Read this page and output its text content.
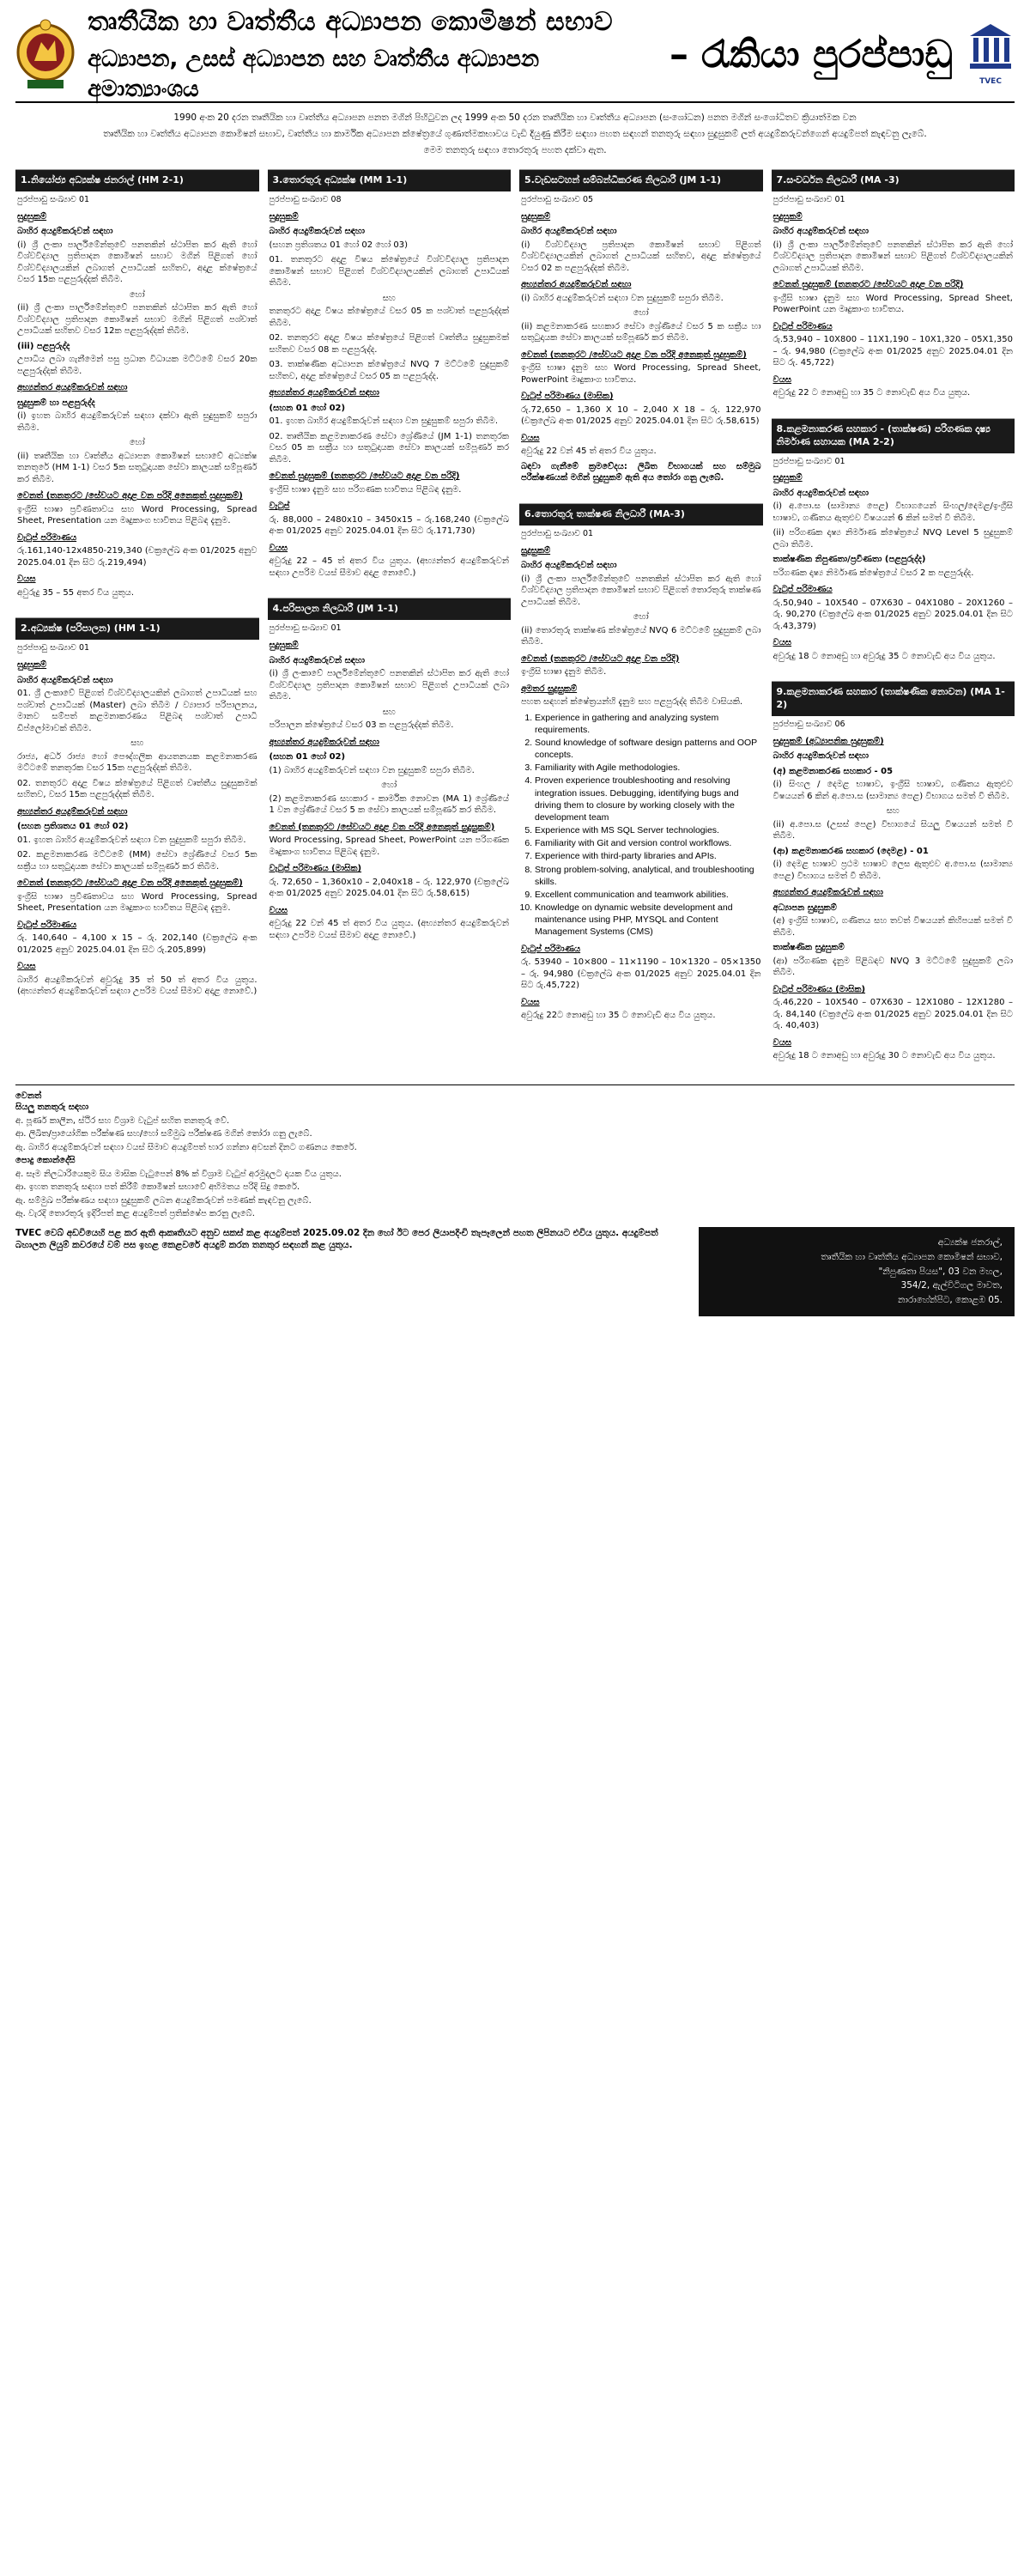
තෘතීයික හා වෘත්තීය අධ්‍යාපන කොමිෂන් සභාව
අධ්‍යාපන, උසස් අධ්‍යාපන සහ වෘත්තීය අධ්‍යාපන අමාත්‍යාංශය
– රැකියා පුරප්පාඩු
TVEC

1990 අංක 20 දරන තෘතීයික හා වෘත්තීය අධ්‍යාපන පනත මගින් පිහිටුවන ලද 1999 අංක 50 දරන තෘතීයික හා වෘත්තීය අධ්‍යාපන (සංශෝධන) පනත මගින් සංශෝධිතව ක්‍රියාත්මක වන

තෘතීයික හා වෘත්තීය අධ්‍යාපන කොමිෂන් සභාව, වෘත්තීය හා කාර්මික අධ්‍යාපන ක්ෂේත්‍රයේ ගුණාත්මකභාවය වැඩි දියුණු කිරීම සඳහා පහත සඳහන් තනතුරු සඳහා සුදුසුකම් ලත් අයදුම්කරුවන්ගෙන් අයදුම්පත් කැඳවනු ලැබේ.

මෙම තනතුරු සඳහා තොරතුරු පහත දක්වා ඇත.

1.නියෝජ්‍ය අධ්‍යක්ෂ ජනරාල් (HM 2-1)
පුරප්පාඩු සංඛ්‍යාව 01
සුදුසුකම්
බාහිර අයදුම්කරුවන් සඳහා
(i) ශ්‍රී ලංකා පාර්ලිමේන්තුවේ පනතකින් ස්ථාපිත කර ඇති හෝ විශ්වවිද්‍යාල ප්‍රතිපාදන කොමිෂන් සභාව මගින් පිළිගත් හෝ විශ්වවිද්‍යාලයකින් ලබාගත් උපාධියක් සහිතව, අදාළ ක්ෂේත්‍රයේ වසර 15ක පළපුරුද්දක් තිබීම.
හෝ
(ii) ශ්‍රී ලංකා පාර්ලිමේන්තුවේ පනතකින් ස්ථාපිත කර ඇති හෝ විශ්වවිද්‍යාල ප්‍රතිපාදන කොමිෂන් සභාව මගින් පිළිගත් පශ්චාත් උපාධියක් සහිතව වසර 12ක පළපුරුද්දක් තිබීම.
(iii) පළපුරුද්ද
උපාධිය ලබා ගැනීමෙන් පසු ප්‍රධාන විධායක මට්ටමේ වසර 20ක පළපුරුද්දක් තිබීම.
අභ්‍යන්තර අයදුම්කරුවන් සඳහා
සුදුසුකම් හා පළපුරුද්ද
(i) ඉහත බාහිර අයදුම්කරුවන් සඳහා දක්වා ඇති සුදුසුකම් සපුරා තිබීම.
හෝ
(ii) තෘතීයික හා වෘත්තීය අධ්‍යාපන කොමිෂන් සභාවේ අධ්‍යක්ෂ තනතුරේ (HM 1-1) වසර 5ක සතුටුදායක සේවා කාලයක් සම්පූර්ණ කර තිබීම.
වෙනත් (තනතුරට /සේවයට අදාළ වන පරිදි අනෙකුත් සුදුසුකම්)
ඉංග්‍රීසි භාෂා ප්‍රවීණතාවය සහ Word Processing, Spread Sheet, Presentation යන මෘදුකාංග භාවිතය පිළිබඳ දැනුම.
වැටුප් පරිමාණය
රු.161,140-12x4850-219,340 (චක්‍රලේඛ අංක 01/2025 අනුව 2025.04.01 දින සිට රු.219,494)
වයස
අවුරුදු 35 – 55 අතර විය යුතුය.
2.අධ්‍යක්ෂ (පරිපාලන) (HM 1-1)
පුරප්පාඩු සංඛ්‍යාව 01
සුදුසුකම්
බාහිර අයදුම්කරුවන් සඳහා
01. ශ්‍රී ලංකාවේ පිළිගත් විශ්වවිද්‍යාලයකින් ලබාගත් උපාධියක් සහ පශ්චාත් උපාධියක් (Master) ලබා තිබීම / ව්‍යාපාර පරිපාලනය, මානව සම්පත් කළමනාකරණය පිළිබඳ පශ්චාත් උපාධි ඩිප්ලෝමාවක් තිබීම.
සහ
රාජ්‍ය, අර්ධ රාජ්‍ය හෝ පෞද්ගලික ආයතනයක කළමනාකරණ මට්ටමේ තනතුරක වසර 15ක පළපුරුද්දක් තිබීම.
02. තනතුරට අදාළ විෂය ක්ෂේත්‍රයේ පිළිගත් වෘත්තීය සුදුසුකමක් සහිතව, වසර 15ක පළපුරුද්දක් තිබීම.
අභ්‍යන්තර අයදුම්කරුවන් සඳහා
(සහන ප්‍රතිශතය 01 හෝ 02)
01. ඉහත බාහිර අයදුම්කරුවන් සඳහා වන සුදුසුකම් සපුරා තිබීම.
02. කළමනාකරණ මට්ටමේ (MM) සේවා ශ්‍රේණියේ වසර 5ක සක්‍රීය හා සතුටුදායක සේවා කාලයක් සම්පූර්ණ කර තිබීම.
වෙනත් (තනතුරට /සේවයට අදාළ වන පරිදි අනෙකුත් සුදුසුකම්)
ඉංග්‍රීසි භාෂා ප්‍රවීණතාවය සහ Word Processing, Spread Sheet, Presentation යන මෘදුකාංග භාවිතය පිළිබඳ දැනුම.
වැටුප් පරිමාණය
රු. 140,640 – 4,100 x 15 – රු. 202,140 (චක්‍රලේඛ අංක 01/2025 අනුව 2025.04.01 දින සිට රු.205,899)
වයස
බාහිර අයදුම්කරුවන් අවුරුදු 35 ත් 50 ත් අතර විය යුතුය. (අභ්‍යන්තර අයදුම්කරුවන් සඳහා උපරිම වයස් සීමාව අදාළ නොවේ.)
3.තොරතුරු අධ්‍යක්ෂ (MM 1-1)
පුරප්පාඩු සංඛ්‍යාව 08
සුදුසුකම්
බාහිර අයදුම්කරුවන් සඳහා
(සහන ප්‍රතිශතය 01 හෝ 02 හෝ 03)
01. තනතුරට අදාළ විෂය ක්ෂේත්‍රයේ විශ්වවිද්‍යාල ප්‍රතිපාදන කොමිෂන් සභාව පිළිගත් විශ්වවිද්‍යාලයකින් ලබාගත් උපාධියක් තිබීම.
සහ
තනතුරට අදාළ විෂය ක්ෂේත්‍රයේ වසර 05 ක පශ්චාත් පළපුරුද්දක් තිබීම.
02. තනතුරට අදාළ විෂය ක්ෂේත්‍රයේ පිළිගත් වෘත්තීය සුදුසුකමක් සහිතව වසර 08 ක පළපුරුද්ද.
03. තාක්ෂණික අධ්‍යාපන ක්ෂේත්‍රයේ NVQ 7 මට්ටමේ සුදුසුකම් සහිතව, අදාළ ක්ෂේත්‍රයේ වසර 05 ක පළපුරුද්ද.
අභ්‍යන්තර අයදුම්කරුවන් සඳහා
(සහන 01 හෝ 02)
01. ඉහත බාහිර අයදුම්කරුවන් සඳහා වන සුදුසුකම් සපුරා තිබීම.
02. තෘතීයික කළමනාකරණ සේවා ශ්‍රේණියේ (JM 1-1) තනතුරක වසර 05 ක සක්‍රීය හා සතුටුදායක සේවා කාලයක් සම්පූර්ණ කර තිබීම.
වෙනත් සුදුසුකම් (තනතුරට /සේවයට අදාළ වන පරිදි)
ඉංග්‍රීසි භාෂා දැනුම සහ පරිගණක භාවිතය පිළිබඳ දැනුම.
වැටුප්
රු. 88,000 – 2480x10 – 3450x15 – රු.168,240 (චක්‍රලේඛ අංක 01/2025 අනුව 2025.04.01 දින සිට රු.171,730)
වයස
අවුරුදු 22 – 45 ත් අතර විය යුතුය. (අභ්‍යන්තර අයදුම්කරුවන් සඳහා උපරිම වයස් සීමාව අදාළ නොවේ.)
4.පරිපාලන නිලධාරී (JM 1-1)
පුරප්පාඩු සංඛ්‍යාව 01
සුදුසුකම්
බාහිර අයදුම්කරුවන් සඳහා
(i) ශ්‍රී ලංකාවේ පාර්ලිමේන්තුවේ පනතකින් ස්ථාපිත කර ඇති හෝ විශ්වවිද්‍යාල ප්‍රතිපාදන කොමිෂන් සභාව පිළිගත් උපාධියක් ලබා තිබීම.
සහ
පරිපාලන ක්ෂේත්‍රයේ වසර 03 ක පළපුරුද්දක් තිබීම.
අභ්‍යන්තර අයදුම්කරුවන් සඳහා
(සහන 01 හෝ 02)
(1) බාහිර අයදුම්කරුවන් සඳහා වන සුදුසුකම් සපුරා තිබීම.
හෝ
(2) කළමනාකරණ සහකාර - කාර්මික නොවන (MA 1) ශ්‍රේණියේ 1 වන ශ්‍රේණියේ වසර 5 ක සේවා කාලයක් සම්පූර්ණ කර තිබීම.
වෙනත් (තනතුරට /සේවයට අදාළ වන පරිදි අනෙකුත් සුදුසුකම්)
Word Processing, Spread Sheet, PowerPoint යන පරිගණක මෘදුකාංග භාවිතය පිළිබඳ දැනුම.
වැටුප් පරිමාණය (මාසික)
රු. 72,650 – 1,360x10 – 2,040x18 – රු. 122,970 (චක්‍රලේඛ අංක 01/2025 අනුව 2025.04.01 දින සිට රු.58,615)
වයස
අවුරුදු 22 වන් 45 ත් අතර විය යුතුය. (අභ්‍යන්තර අයදුම්කරුවන් සඳහා උපරිම වයස් සීමාව අදාළ නොවේ.)
5.වැඩසටහන් සම්බන්ධීකරණ නිලධාරී (JM 1-1)
පුරප්පාඩු සංඛ්‍යාව 05
සුදුසුකම්
බාහිර අයදුම්කරුවන් සඳහා
(i) විශ්වවිද්‍යාල ප්‍රතිපාදන කොමිෂන් සභාව පිළිගත් විශ්වවිද්‍යාලයකින් ලබාගත් උපාධියක් සහිතව, අදාළ ක්ෂේත්‍රයේ වසර 02 ක පළපුරුද්දක් තිබීම.
අභ්‍යන්තර අයදුම්කරුවන් සඳහා
(i) බාහිර අයදුම්කරුවන් සඳහා වන සුදුසුකම් සපුරා තිබීම.
හෝ
(ii) කළමනාකරණ සහකාර සේවා ශ්‍රේණියේ වසර 5 ක සක්‍රීය හා සතුටුදායක සේවා කාලයක් සම්පූර්ණ කර තිබීම.
වෙනත් (තනතුරට /සේවයට අදාළ වන පරිදි අනෙකුත් සුදුසුකම්)
ඉංග්‍රීසි භාෂා දැනුම සහ Word Processing, Spread Sheet, PowerPoint මෘදුකාංග භාවිතය.
වැටුප් පරිමාණය (මාසික)
රු.72,650 – 1,360 X 10 – 2,040 X 18 – රු. 122,970 (චක්‍රලේඛ අංක 01/2025 අනුව 2025.04.01 දින සිට රු.58,615)
වයස
අවුරුදු 22 වන් 45 ත් අතර විය යුතුය.
බඳවා ගැනීමේ ක්‍රමවේදය: ලිඛිත විභාගයක් සහ සම්මුඛ පරීක්ෂණයක් මගින් සුදුසුකම් ඇති අය තෝරා ගනු ලැබේ.
6.තොරතුරු තාක්ෂණ නිලධාරී (MA-3)
පුරප්පාඩු සංඛ්‍යාව 01
සුදුසුකම්
බාහිර අයදුම්කරුවන් සඳහා
(i) ශ්‍රී ලංකා පාර්ලිමේන්තුවේ පනතකින් ස්ථාපිත කර ඇති හෝ විශ්වවිද්‍යාල ප්‍රතිපාදන කොමිෂන් සභාව පිළිගත් තොරතුරු තාක්ෂණ උපාධියක් තිබීම.
හෝ
(ii) තොරතුරු තාක්ෂණ ක්ෂේත්‍රයේ NVQ 6 මට්ටමේ සුදුසුකම් ලබා තිබීම.
වෙනත් (තනතුරට /සේවයට අදාළ වන පරිදි)
ඉංග්‍රීසි භාෂා දැනුම තිබීම.
අමතර සුදුසුකම්
පහත සඳහන් ක්ෂේත්‍රයන්හි දැනුම සහ පළපුරුද්ද තිබීම වාසියකි.
1. Experience in gathering and analyzing system requirements.
2. Sound knowledge of software design patterns and OOP concepts.
3. Familiarity with Agile methodologies.
4. Proven experience troubleshooting and resolving integration issues. Debugging, identifying bugs and driving them to closure by working closely with the development team
5. Experience with MS SQL Server technologies.
6. Familiarity with Git and version control workflows.
7. Experience with third-party libraries and APIs.
8. Strong problem-solving, analytical, and troubleshooting skills.
9. Excellent communication and teamwork abilities.
10. Knowledge on dynamic website development and maintenance using PHP, MYSQL and Content Management Systems (CMS)
වැටුප් පරිමාණය
රු. 53940 – 10×800 – 11×1190 – 10×1320 – 05×1350 – රු. 94,980 (චක්‍රලේඛ අංක 01/2025 අනුව 2025.04.01 දින සිට රු.45,722)
වයස
අවුරුදු 22ට නොඅඩු හා 35 ට නොවැඩි අය විය යුතුය.
7.සංවර්ධන නිලධාරී (MA -3)
පුරප්පාඩු සංඛ්‍යාව 01
සුදුසුකම්
බාහිර අයදුම්කරුවන් සඳහා
(i) ශ්‍රී ලංකා පාර්ලිමේන්තුවේ පනතකින් ස්ථාපිත කර ඇති හෝ විශ්වවිද්‍යාල ප්‍රතිපාදන කොමිෂන් සභාව පිළිගත් විශ්වවිද්‍යාලයකින් ලබාගත් උපාධියක් තිබීම.
වෙනත් සුදුසුකම් (තනතුරට /සේවයට අදාළ වන පරිදි)
ඉංග්‍රීසි භාෂා දැනුම සහ Word Processing, Spread Sheet, PowerPoint යන මෘදුකාංග භාවිතය.
වැටුප් පරිමාණය
රු.53,940 – 10X800 – 11X1,190 – 10X1,320 – 05X1,350 – රු. 94,980 (චක්‍රලේඛ අංක 01/2025 අනුව 2025.04.01 දින සිට රු. 45,722)
වයස
අවුරුදු 22 ට නොඅඩු හා 35 ට නොවැඩි අය විය යුතුය.
8.කළමනාකරණ සහකාර - (තාක්ෂණ) පරිගණක දෘෂ්‍ය නිර්මාණ සහායක (MA 2-2)
පුරප්පාඩු සංඛ්‍යාව 01
සුදුසුකම්
බාහිර අයදුම්කරුවන් සඳහා
(i) අ.පො.ස (සාමාන්‍ය පෙළ) විභාගයෙන් සිංහල/දෙමළ/ඉංග්‍රීසි භාෂාව, ගණිතය ඇතුළුව විෂයයන් 6 කින් සමත් වී තිබීම.
(ii) පරිගණක දෘෂ්‍ය නිර්මාණ ක්ෂේත්‍රයේ NVQ Level 5 සුදුසුකම් ලබා තිබීම.
තාක්ෂණික නිපුණතා/ප්‍රවීණතා (පළපුරුද්ද)
පරිගණක දෘෂ්‍ය නිර්මාණ ක්ෂේත්‍රයේ වසර 2 ක පළපුරුද්ද.
වැටුප් පරිමාණය
රු.50,940 – 10X540 – 07X630 – 04X1080 – 20X1260 – රු. 90,270 (චක්‍රලේඛ අංක 01/2025 අනුව 2025.04.01 දින සිට රු.43,379)
වයස
අවුරුදු 18 ට නොඅඩු හා අවුරුදු 35 ට නොවැඩි අය විය යුතුය.
9.කළමනාකරණ සහකාර (තාක්ෂණික නොවන) (MA 1-2)
පුරප්පාඩු සංඛ්‍යාව 06
සුදුසුකම් (අධ්‍යාපනික සුදුසුකම්)
බාහිර අයදුම්කරුවන් සඳහා
(අ) කළමනාකරණ සහකාර - 05
(i) සිංහල / දෙමළ භාෂාව, ඉංග්‍රීසි භාෂාව, ගණිතය ඇතුළුව විෂයයන් 6 කින් අ.පො.ස (සාමාන්‍ය පෙළ) විභාගය සමත් වී තිබීම.
සහ
(ii) අ.පො.ස (උසස් පෙළ) විභාගයේ සියලු විෂයයන් සමත් වී තිබීම.
(ආ) කළමනාකරණ සහකාර (දෙමළ) - 01
(i) දෙමළ භාෂාව ප්‍රථම භාෂාව ලෙස ඇතුළුව අ.පො.ස (සාමාන්‍ය පෙළ) විභාගය සමත් වී තිබීම.
අභ්‍යන්තර අයදුම්කරුවන් සඳහා
අධ්‍යාපන සුදුසුකම්
(අ) ඉංග්‍රීසි භාෂාව, ගණිතය සහ තවත් විෂයයන් කිහිපයක් සමත් වී තිබීම.
තාක්ෂණික සුදුසුකම්
(ආ) පරිගණක දැනුම පිළිබඳව NVQ 3 මට්ටමේ සුදුසුකම් ලබා තිබීම.
වැටුප් පරිමාණය (මාසික)
රු.46,220 – 10X540 – 07X630 – 12X1080 – 12X1280 – රු. 84,140 (චක්‍රලේඛ අංක 01/2025 අනුව 2025.04.01 දින සිට රු. 40,403)
වයස
අවුරුදු 18 ට නොඅඩු හා අවුරුදු 30 ට නොවැඩි අය විය යුතුය.
වෙනත්
සියලු තනතුරු සඳහා

අ. පූර්ණ කාලීන, ස්ථිර සහ විශ්‍රාම වැටුප් සහිත තනතුරු වේ.

ආ. ලිඛිත/ප්‍රායෝගික පරීක්ෂණ සහ/හෝ සම්මුඛ පරීක්ෂණ මගින් තෝරා ගනු ලැබේ.

ඇ. බාහිර අයදුම්කරුවන් සඳහා වයස් සීමාව අයදුම්පත් භාර ගන්නා අවසන් දිනට ගණනය කෙරේ.

පොදු කොන්දේසි

අ. සෑම නිලධාරියෙකුම සිය මාසික වැටුපෙන් 8% ක් විශ්‍රාම වැටුප් අරමුදලට දායක විය යුතුය.

ආ. ඉහත තනතුරු සඳහා පත් කිරීම් කොමිෂන් සභාවේ අභිමතය පරිදි සිදු කෙරේ.

ඇ. සම්මුඛ පරීක්ෂණය සඳහා සුදුසුකම් ලබන අයදුම්කරුවන් පමණක් කැඳවනු ලැබේ.

ඈ. වැරදි තොරතුරු ඉදිරිපත් කළ අයදුම්පත් ප්‍රතික්ෂේප කරනු ලැබේ.

TVEC වෙබ් අඩවියෙහි පළ කර ඇති ආකෘතියට අනුව සකස් කළ අයදුම්පත් 2025.09.02 දින හෝ ඊට පෙර ලියාපදිංචි තැපෑලෙන් පහත ලිපිනයට එවිය යුතුය. අයදුම්පත් බහාලන ලියුම් කවරයේ වම් පස ඉහළ කෙළවරේ අයදුම් කරන තනතුර සඳහන් කළ යුතුය.	අධ්‍යක්ෂ ජනරාල්,
තෘතීයික හා වෘත්තීය අධ්‍යාපන කොමිෂන් සභාව,
"නිපුණතා පියස", 03 වන මහල,
354/2, ඇල්විටිගල මාවත,
නාරාහේන්පිට, කොළඹ 05.
